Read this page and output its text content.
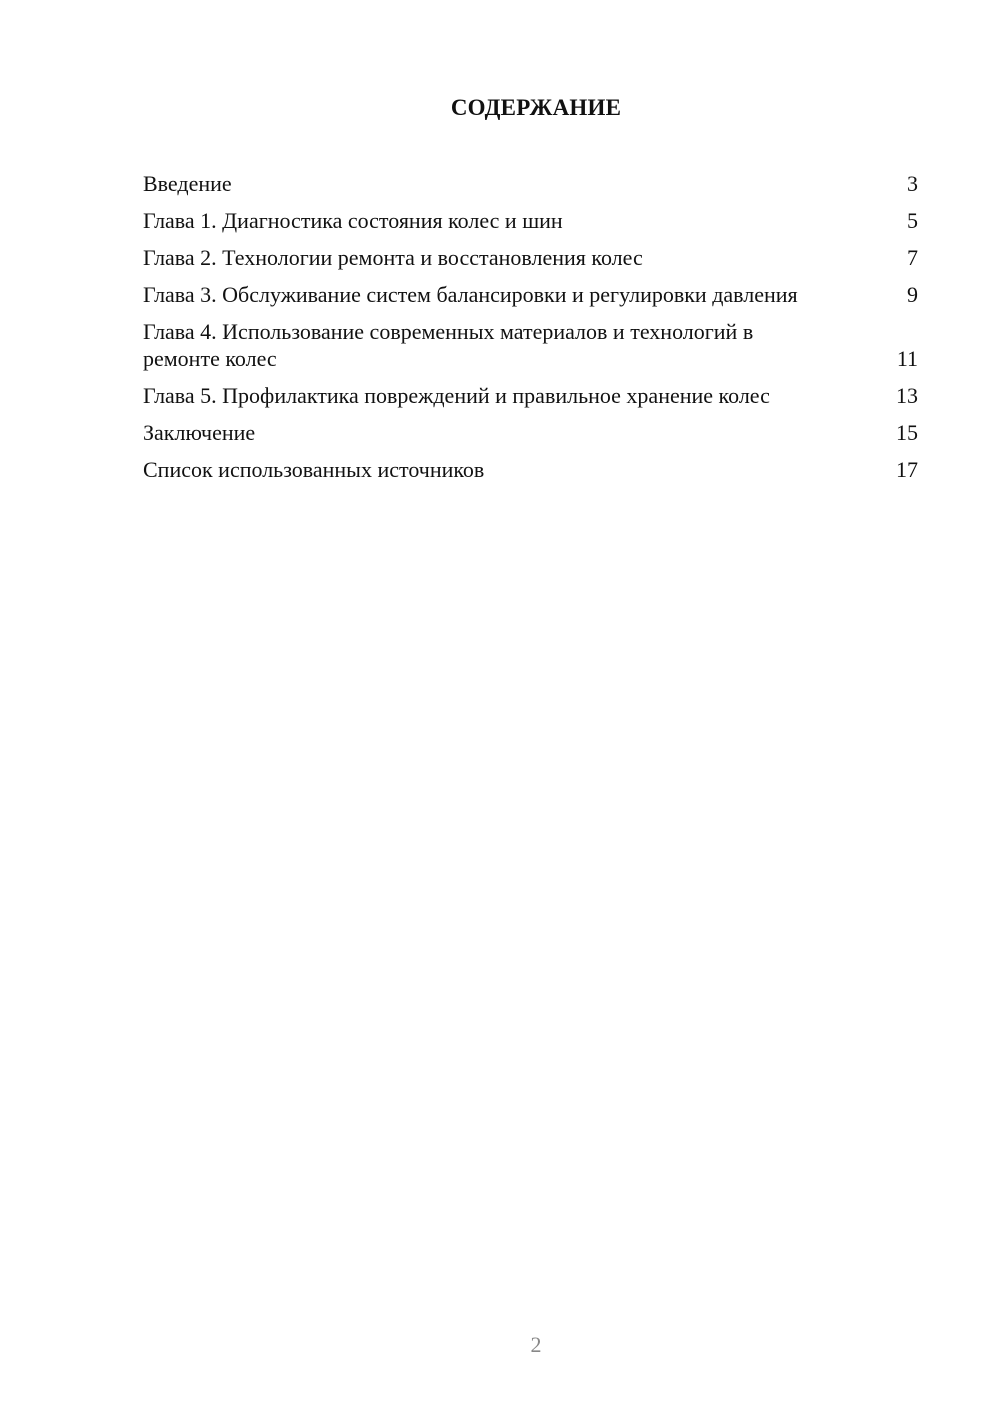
СОДЕРЖАНИЕ
Введение	3
Глава 1. Диагностика состояния колес и шин	5
Глава 2. Технологии ремонта и восстановления колес	7
Глава 3. Обслуживание систем балансировки и регулировки давления	9
Глава 4. Использование современных материалов и технологий в ремонте колес	11
Глава 5. Профилактика повреждений и правильное хранение колес	13
Заключение	15
Список использованных источников	17
2
